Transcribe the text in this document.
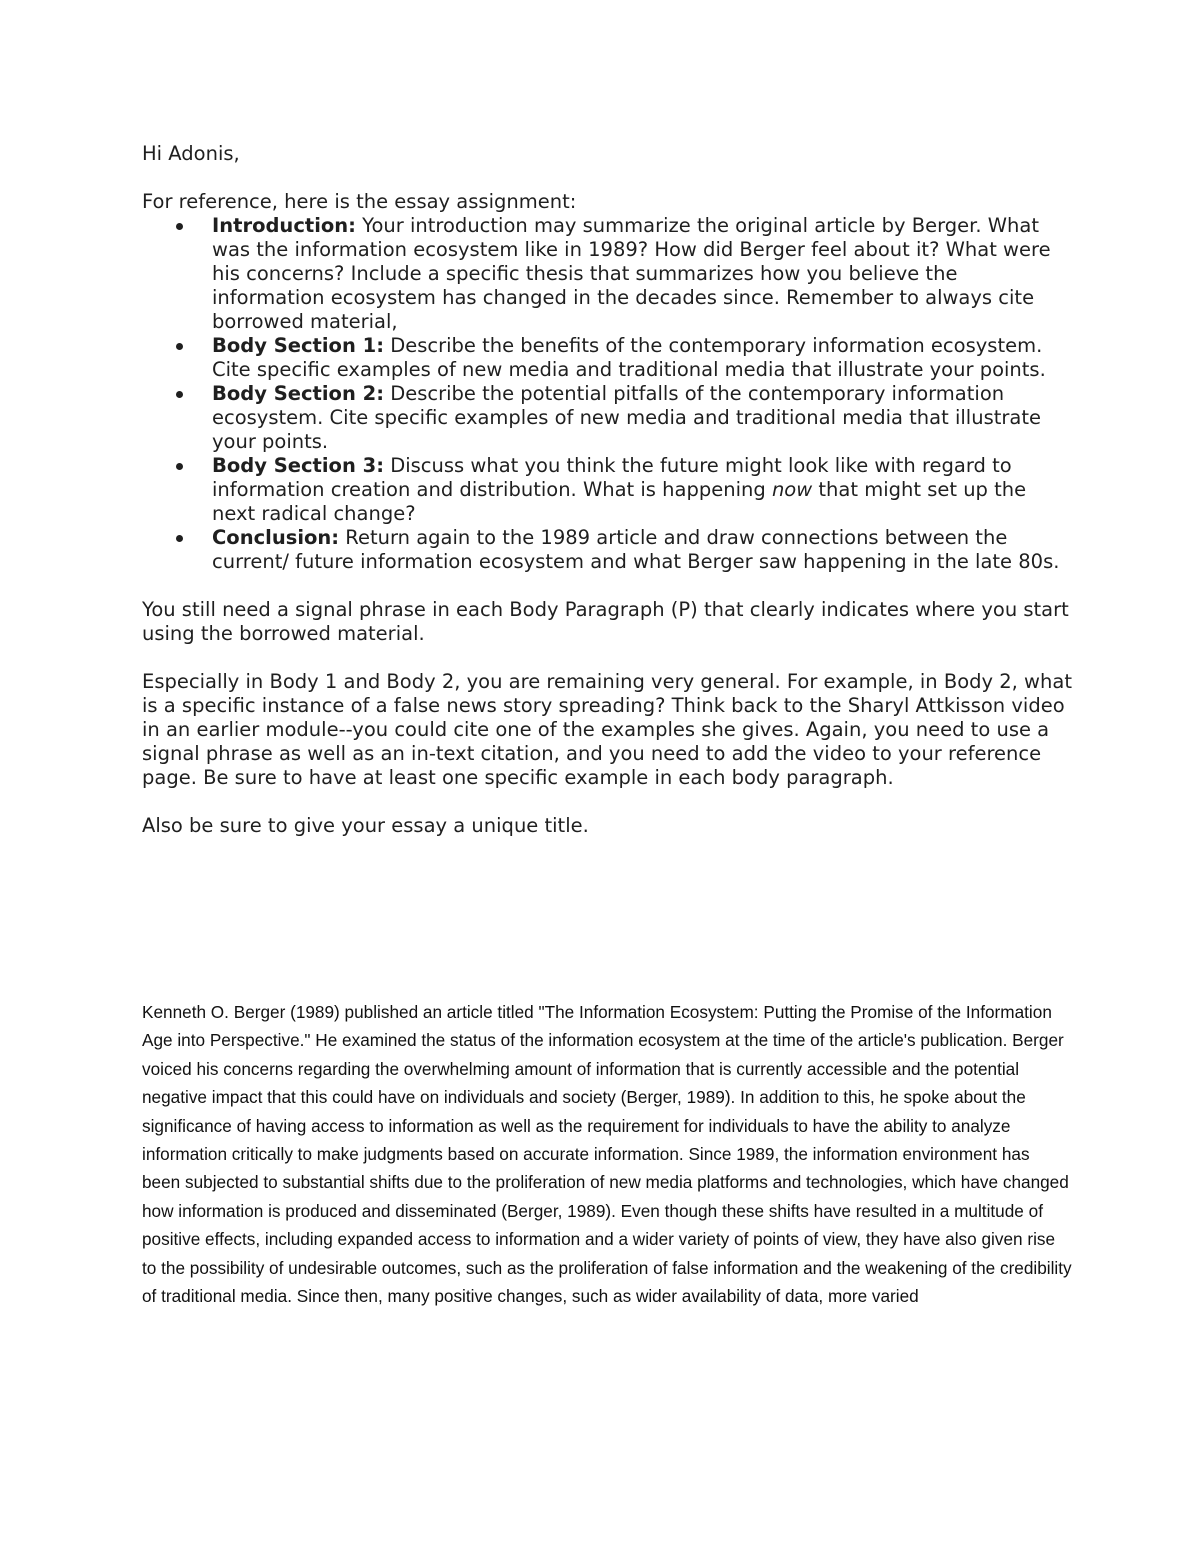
Hi Adonis,

For reference, here is the essay assignment:

Introduction: Your introduction may summarize the original article by Berger. What was the information ecosystem like in 1989? How did Berger feel about it? What were his concerns? Include a specific thesis that summarizes how you believe the information ecosystem has changed in the decades since. Remember to always cite borrowed material,
Body Section 1: Describe the benefits of the contemporary information ecosystem. Cite specific examples of new media and traditional media that illustrate your points.
Body Section 2: Describe the potential pitfalls of the contemporary information ecosystem. Cite specific examples of new media and traditional media that illustrate your points.
Body Section 3: Discuss what you think the future might look like with regard to information creation and distribution. What is happening now that might set up the next radical change?
Conclusion: Return again to the 1989 article and draw connections between the current/ future information ecosystem and what Berger saw happening in the late 80s.

You still need a signal phrase in each Body Paragraph (P) that clearly indicates where you start using the borrowed material.

Especially in Body 1 and Body 2, you are remaining very general. For example, in Body 2, what is a specific instance of a false news story spreading? Think back to the Sharyl Attkisson video in an earlier module--you could cite one of the examples she gives. Again, you need to use a signal phrase as well as an in-text citation, and you need to add the video to your reference page. Be sure to have at least one specific example in each body paragraph.

Also be sure to give your essay a unique title.

Kenneth O. Berger (1989) published an article titled "The Information Ecosystem: Putting the Promise of the Information Age into Perspective." He examined the status of the information ecosystem at the time of the article's publication. Berger voiced his concerns regarding the overwhelming amount of information that is currently accessible and the potential negative impact that this could have on individuals and society (Berger, 1989). In addition to this, he spoke about the significance of having access to information as well as the requirement for individuals to have the ability to analyze information critically to make judgments based on accurate information. Since 1989, the information environment has been subjected to substantial shifts due to the proliferation of new media platforms and technologies, which have changed how information is produced and disseminated (Berger, 1989). Even though these shifts have resulted in a multitude of positive effects, including expanded access to information and a wider variety of points of view, they have also given rise to the possibility of undesirable outcomes, such as the proliferation of false information and the weakening of the credibility of traditional media. Since then, many positive changes, such as wider availability of data, more varied
